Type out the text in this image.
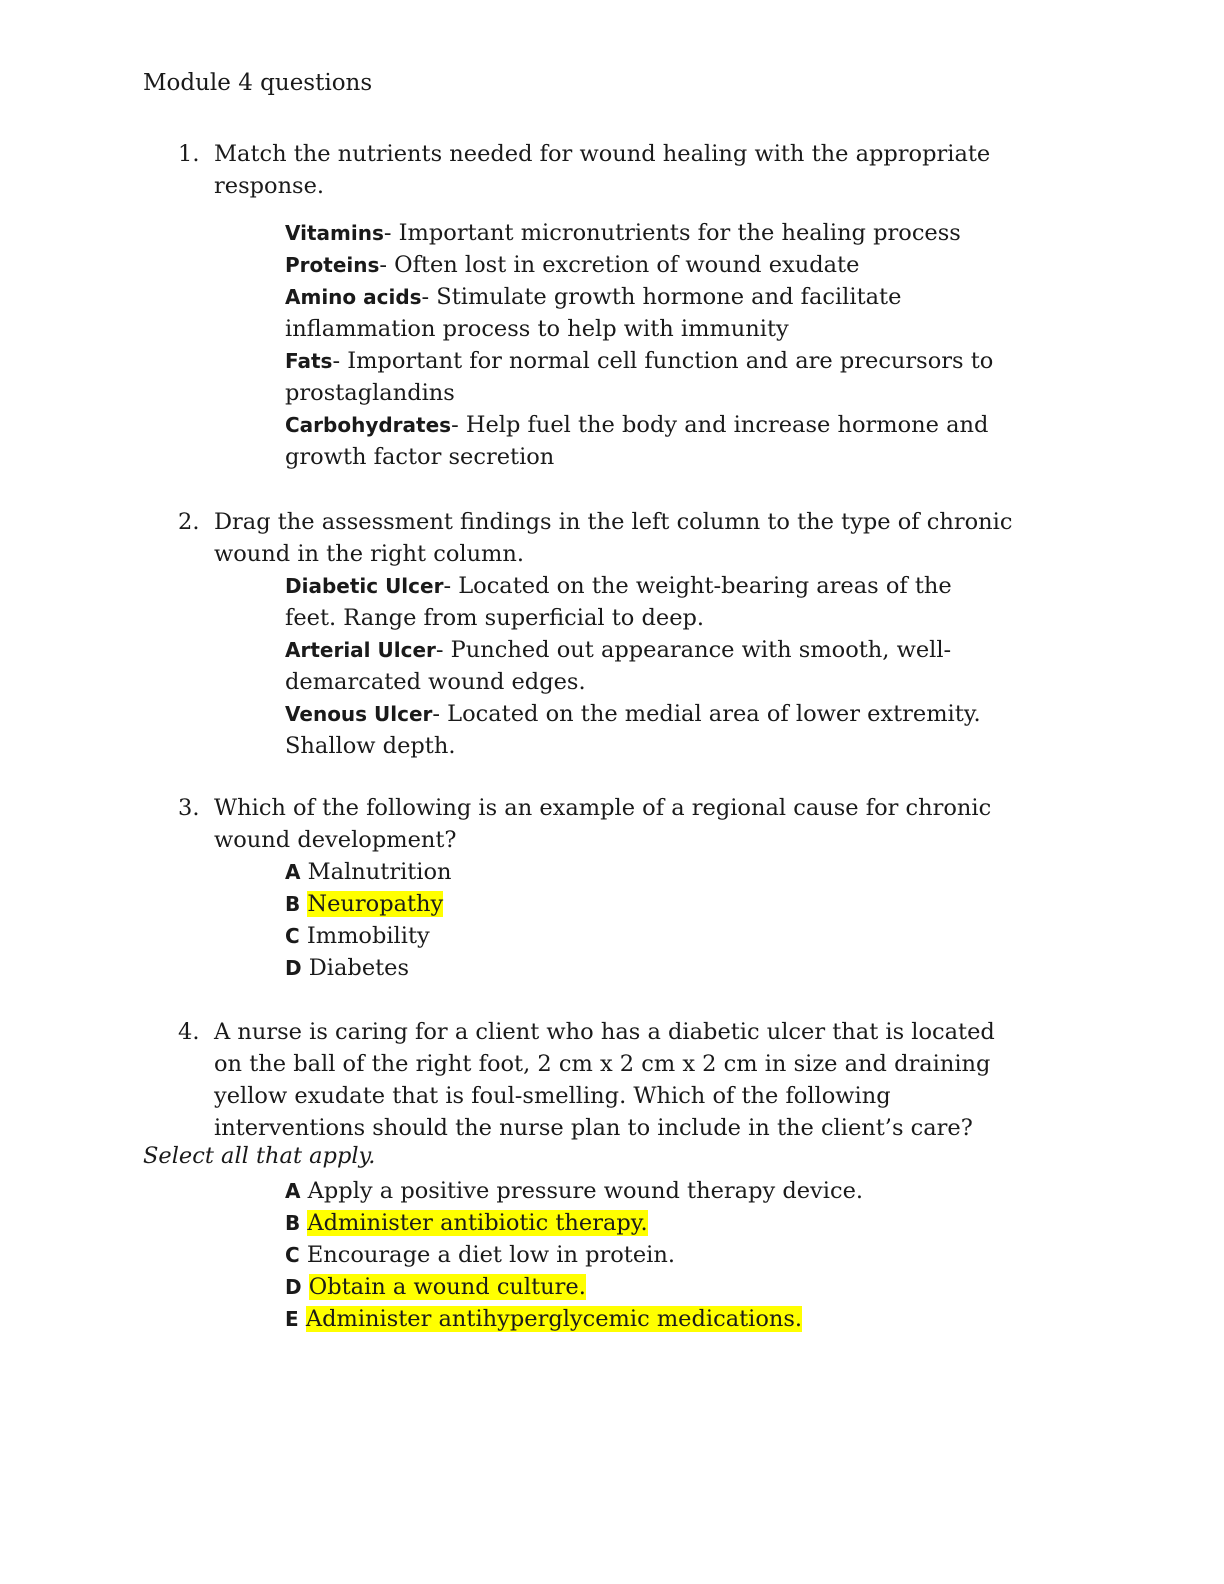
Module 4 questions
1. Match the nutrients needed for wound healing with the appropriate
response.
Vitamins- Important micronutrients for the healing process
Proteins- Often lost in excretion of wound exudate
Amino acids- Stimulate growth hormone and facilitate
inflammation process to help with immunity
Fats- Important for normal cell function and are precursors to
prostaglandins
Carbohydrates- Help fuel the body and increase hormone and
growth factor secretion
2. Drag the assessment findings in the left column to the type of chronic
wound in the right column.
Diabetic Ulcer- Located on the weight-bearing areas of the
feet. Range from superficial to deep.
Arterial Ulcer- Punched out appearance with smooth, well-
demarcated wound edges.
Venous Ulcer- Located on the medial area of lower extremity.
Shallow depth.
3. Which of the following is an example of a regional cause for chronic
wound development?
A Malnutrition
B Neuropathy
C Immobility
D Diabetes
4. A nurse is caring for a client who has a diabetic ulcer that is located
on the ball of the right foot, 2 cm x 2 cm x 2 cm in size and draining
yellow exudate that is foul-smelling. Which of the following
interventions should the nurse plan to include in the client’s care?
Select all that apply.
A Apply a positive pressure wound therapy device.
B Administer antibiotic therapy.
C Encourage a diet low in protein.
D Obtain a wound culture.
E Administer antihyperglycemic medications.
